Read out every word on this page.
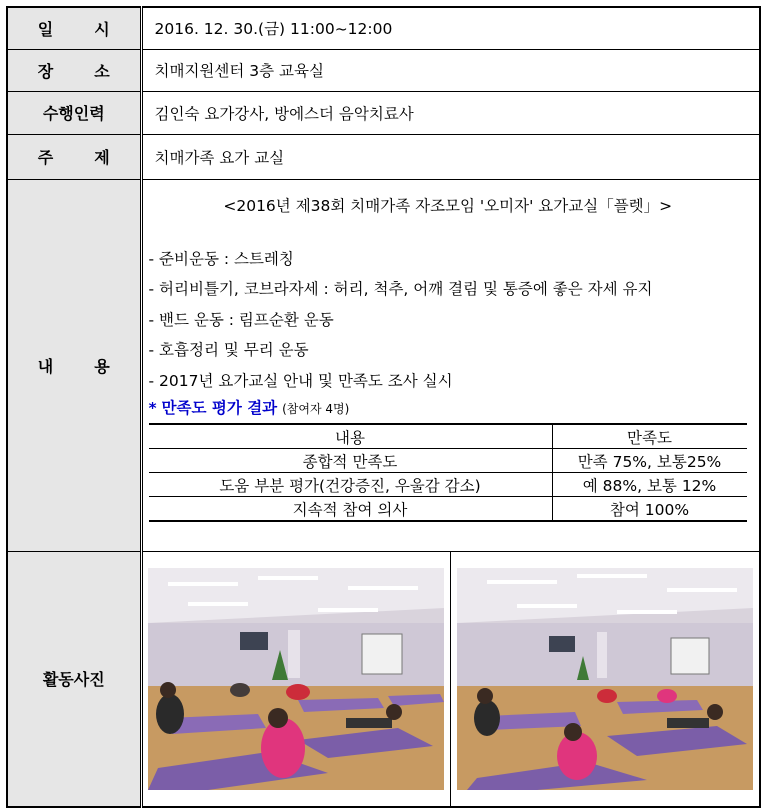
일	시	2016. 12. 30.(금) 11:00~12:00

장	소	치매지원센터 3층 교육실
수행인력	김인숙 요가강사, 방에스더 음악치료사

주	제	치매가족 요가 교실

내	용

<2016년 제38회 치매가족 자조모임 '오미자' 요가교실「플렛」>
- 준비운동 : 스트레칭
- 허리비틀기, 코브라자세 : 허리, 척추, 어깨 결림 및 통증에 좋은 자세 유지
- 밴드 운동 : 림프순환 운동
- 호흡정리 및 무리 운동
- 2017년 요가교실 안내 및 만족도 조사 실시
* 만족도 평가 결과 (참여자 4명)
내용	만족도
종합적 만족도	만족 75%, 보통25%
도움 부분 평가(건강증진, 우울감 감소)	예 88%, 보통 12%
지속적 참여 의사	참여 100%

활동사진	
